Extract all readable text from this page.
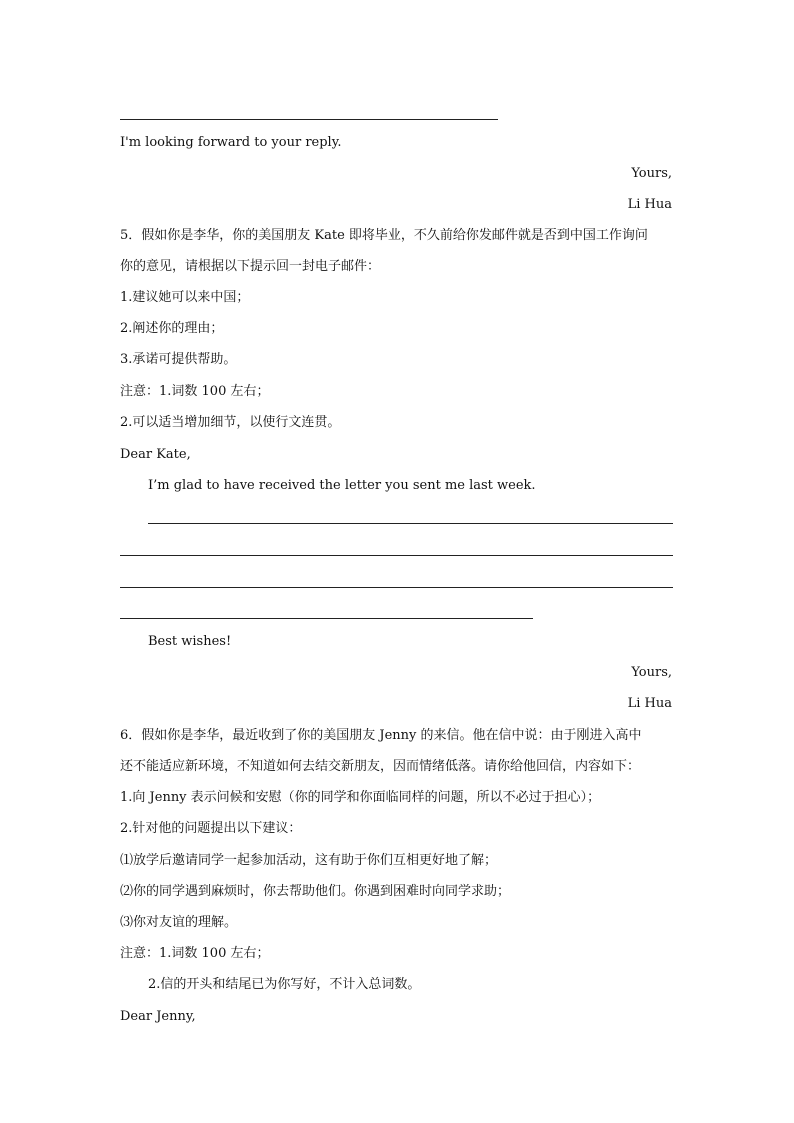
I'm looking forward to your reply.
Yours,
Li Hua
5．假如你是李华，你的美国朋友 Kate 即将毕业，不久前给你发邮件就是否到中国工作询问
你的意见，请根据以下提示回一封电子邮件：
1.建议她可以来中国；
2.阐述你的理由；
3.承诺可提供帮助。
注意：1.词数 100 左右；
2.可以适当增加细节，以使行文连贯。
Dear Kate,
I’m glad to have received the letter you sent me last week.
Best wishes!
Yours,
Li Hua
6．假如你是李华，最近收到了你的美国朋友 Jenny 的来信。他在信中说：由于刚进入高中
还不能适应新环境，不知道如何去结交新朋友，因而情绪低落。请你给他回信，内容如下：
1.向 Jenny 表示问候和安慰（你的同学和你面临同样的问题，所以不必过于担心）；
2.针对他的问题提出以下建议：
⑴放学后邀请同学一起参加活动，这有助于你们互相更好地了解；
⑵你的同学遇到麻烦时，你去帮助他们。你遇到困难时向同学求助；
⑶你对友谊的理解。
注意：1.词数 100 左右；
2.信的开头和结尾已为你写好，不计入总词数。
Dear Jenny,
